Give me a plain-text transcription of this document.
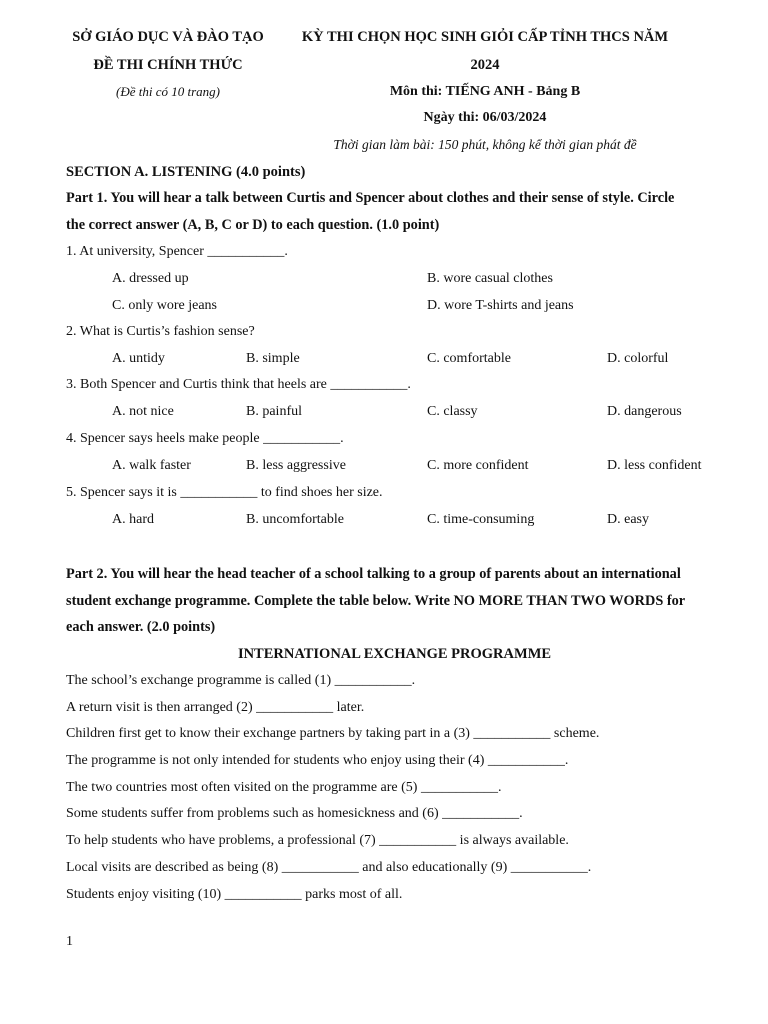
SỞ GIÁO DỤC VÀ ĐÀO TẠO
ĐỀ THI CHÍNH THỨC
(Đề thi có 10 trang)
KỲ THI CHỌN HỌC SINH GIỎI CẤP TỈNH THCS NĂM
2024
Môn thi: TIẾNG ANH - Bảng B
Ngày thi: 06/03/2024
Thời gian làm bài: 150 phút, không kể thời gian phát đề
SECTION A. LISTENING (4.0 points)
Part 1. You will hear a talk between Curtis and Spencer about clothes and their sense of style. Circle
the correct answer (A, B, C or D) to each question. (1.0 point)
1. At university, Spencer ___________.
A. dressed up	B. wore casual clothes
C. only wore jeans	D. wore T-shirts and jeans
2. What is Curtis’s fashion sense?
A. untidy	B. simple	C. comfortable	D. colorful
3. Both Spencer and Curtis think that heels are ___________.
A. not nice	B. painful	C. classy	D. dangerous
4. Spencer says heels make people ___________.
A. walk faster	B. less aggressive	C. more confident	D. less confident
5. Spencer says it is ___________ to find shoes her size.
A. hard	B. uncomfortable	C. time-consuming	D. easy
Part 2. You will hear the head teacher of a school talking to a group of parents about an international
student exchange programme. Complete the table below. Write NO MORE THAN TWO WORDS for
each answer. (2.0 points)
INTERNATIONAL EXCHANGE PROGRAMME
The school’s exchange programme is called (1) ___________.
A return visit is then arranged (2) ___________ later.
Children first get to know their exchange partners by taking part in a (3) ___________ scheme.
The programme is not only intended for students who enjoy using their (4) ___________.
The two countries most often visited on the programme are (5) ___________.
Some students suffer from problems such as homesickness and (6) ___________.
To help students who have problems, a professional (7) ___________ is always available.
Local visits are described as being (8) ___________ and also educationally (9) ___________.
Students enjoy visiting (10) ___________ parks most of all.
1
